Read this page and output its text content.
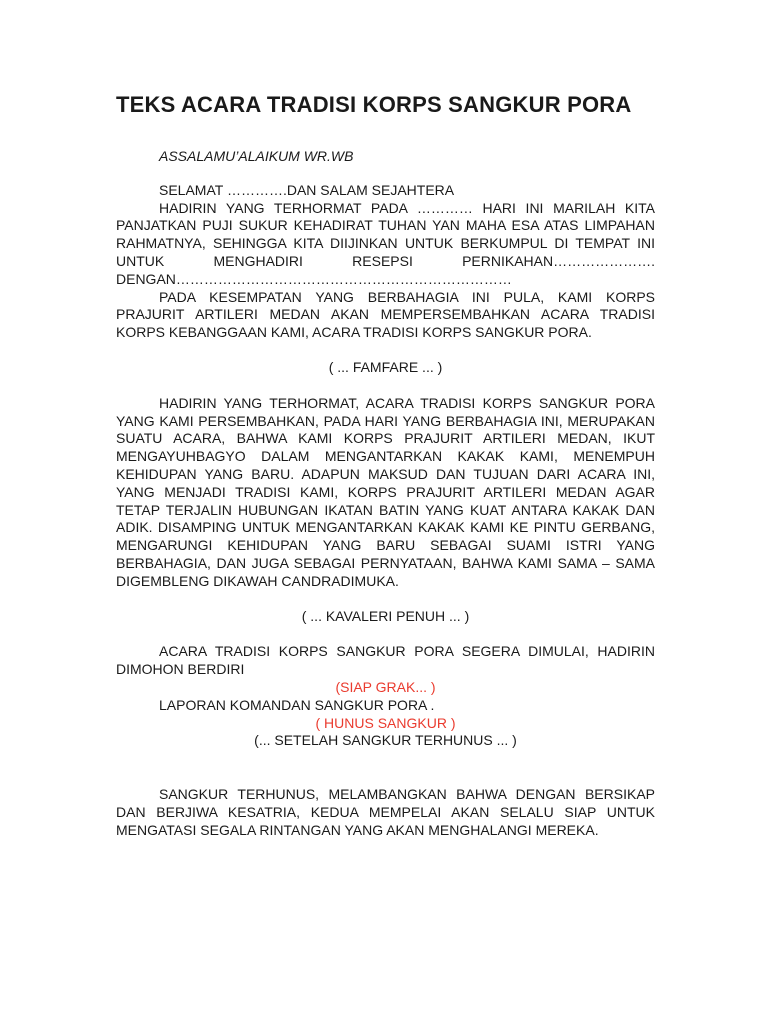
TEKS ACARA TRADISI KORPS SANGKUR PORA

ASSALAMU’ALAIKUM WR.WB

SELAMAT ………….DAN SALAM SEJAHTERA

HADIRIN YANG TERHORMAT PADA ………… HARI INI MARILAH KITA PANJATKAN PUJI SUKUR KEHADIRAT TUHAN YAN MAHA ESA ATAS LIMPAHAN RAHMATNYA, SEHINGGA KITA DIIJINKAN UNTUK BERKUMPUL DI TEMPAT INI UNTUK MENGHADIRI RESEPSI PERNIKAHAN…………………. DENGAN………………………………………………………………

PADA KESEMPATAN YANG BERBAHAGIA INI PULA, KAMI KORPS PRAJURIT ARTILERI MEDAN AKAN MEMPERSEMBAHKAN ACARA TRADISI KORPS KEBANGGAAN KAMI, ACARA TRADISI KORPS SANGKUR PORA.

( ... FAMFARE ... )

HADIRIN YANG TERHORMAT, ACARA TRADISI KORPS SANGKUR PORA YANG KAMI PERSEMBAHKAN, PADA HARI YANG BERBAHAGIA INI, MERUPAKAN SUATU ACARA, BAHWA KAMI KORPS PRAJURIT ARTILERI MEDAN, IKUT MENGAYUHBAGYO DALAM MENGANTARKAN KAKAK KAMI, MENEMPUH KEHIDUPAN YANG BARU. ADAPUN MAKSUD DAN TUJUAN DARI ACARA INI, YANG MENJADI TRADISI KAMI, KORPS PRAJURIT ARTILERI MEDAN AGAR TETAP TERJALIN HUBUNGAN IKATAN BATIN YANG KUAT ANTARA KAKAK DAN ADIK. DISAMPING UNTUK MENGANTARKAN KAKAK KAMI KE PINTU GERBANG, MENGARUNGI KEHIDUPAN YANG BARU SEBAGAI SUAMI ISTRI YANG BERBAHAGIA, DAN JUGA SEBAGAI PERNYATAAN, BAHWA KAMI SAMA – SAMA DIGEMBLENG DIKAWAH CANDRADIMUKA.

( ... KAVALERI PENUH ... )

ACARA TRADISI KORPS SANGKUR PORA SEGERA DIMULAI, HADIRIN DIMOHON BERDIRI

(SIAP GRAK... )

LAPORAN KOMANDAN SANGKUR PORA .

( HUNUS SANGKUR )

(... SETELAH SANGKUR TERHUNUS ... )

SANGKUR TERHUNUS, MELAMBANGKAN BAHWA DENGAN BERSIKAP DAN BERJIWA KESATRIA, KEDUA MEMPELAI AKAN SELALU SIAP UNTUK MENGATASI SEGALA RINTANGAN YANG AKAN MENGHALANGI MEREKA.
